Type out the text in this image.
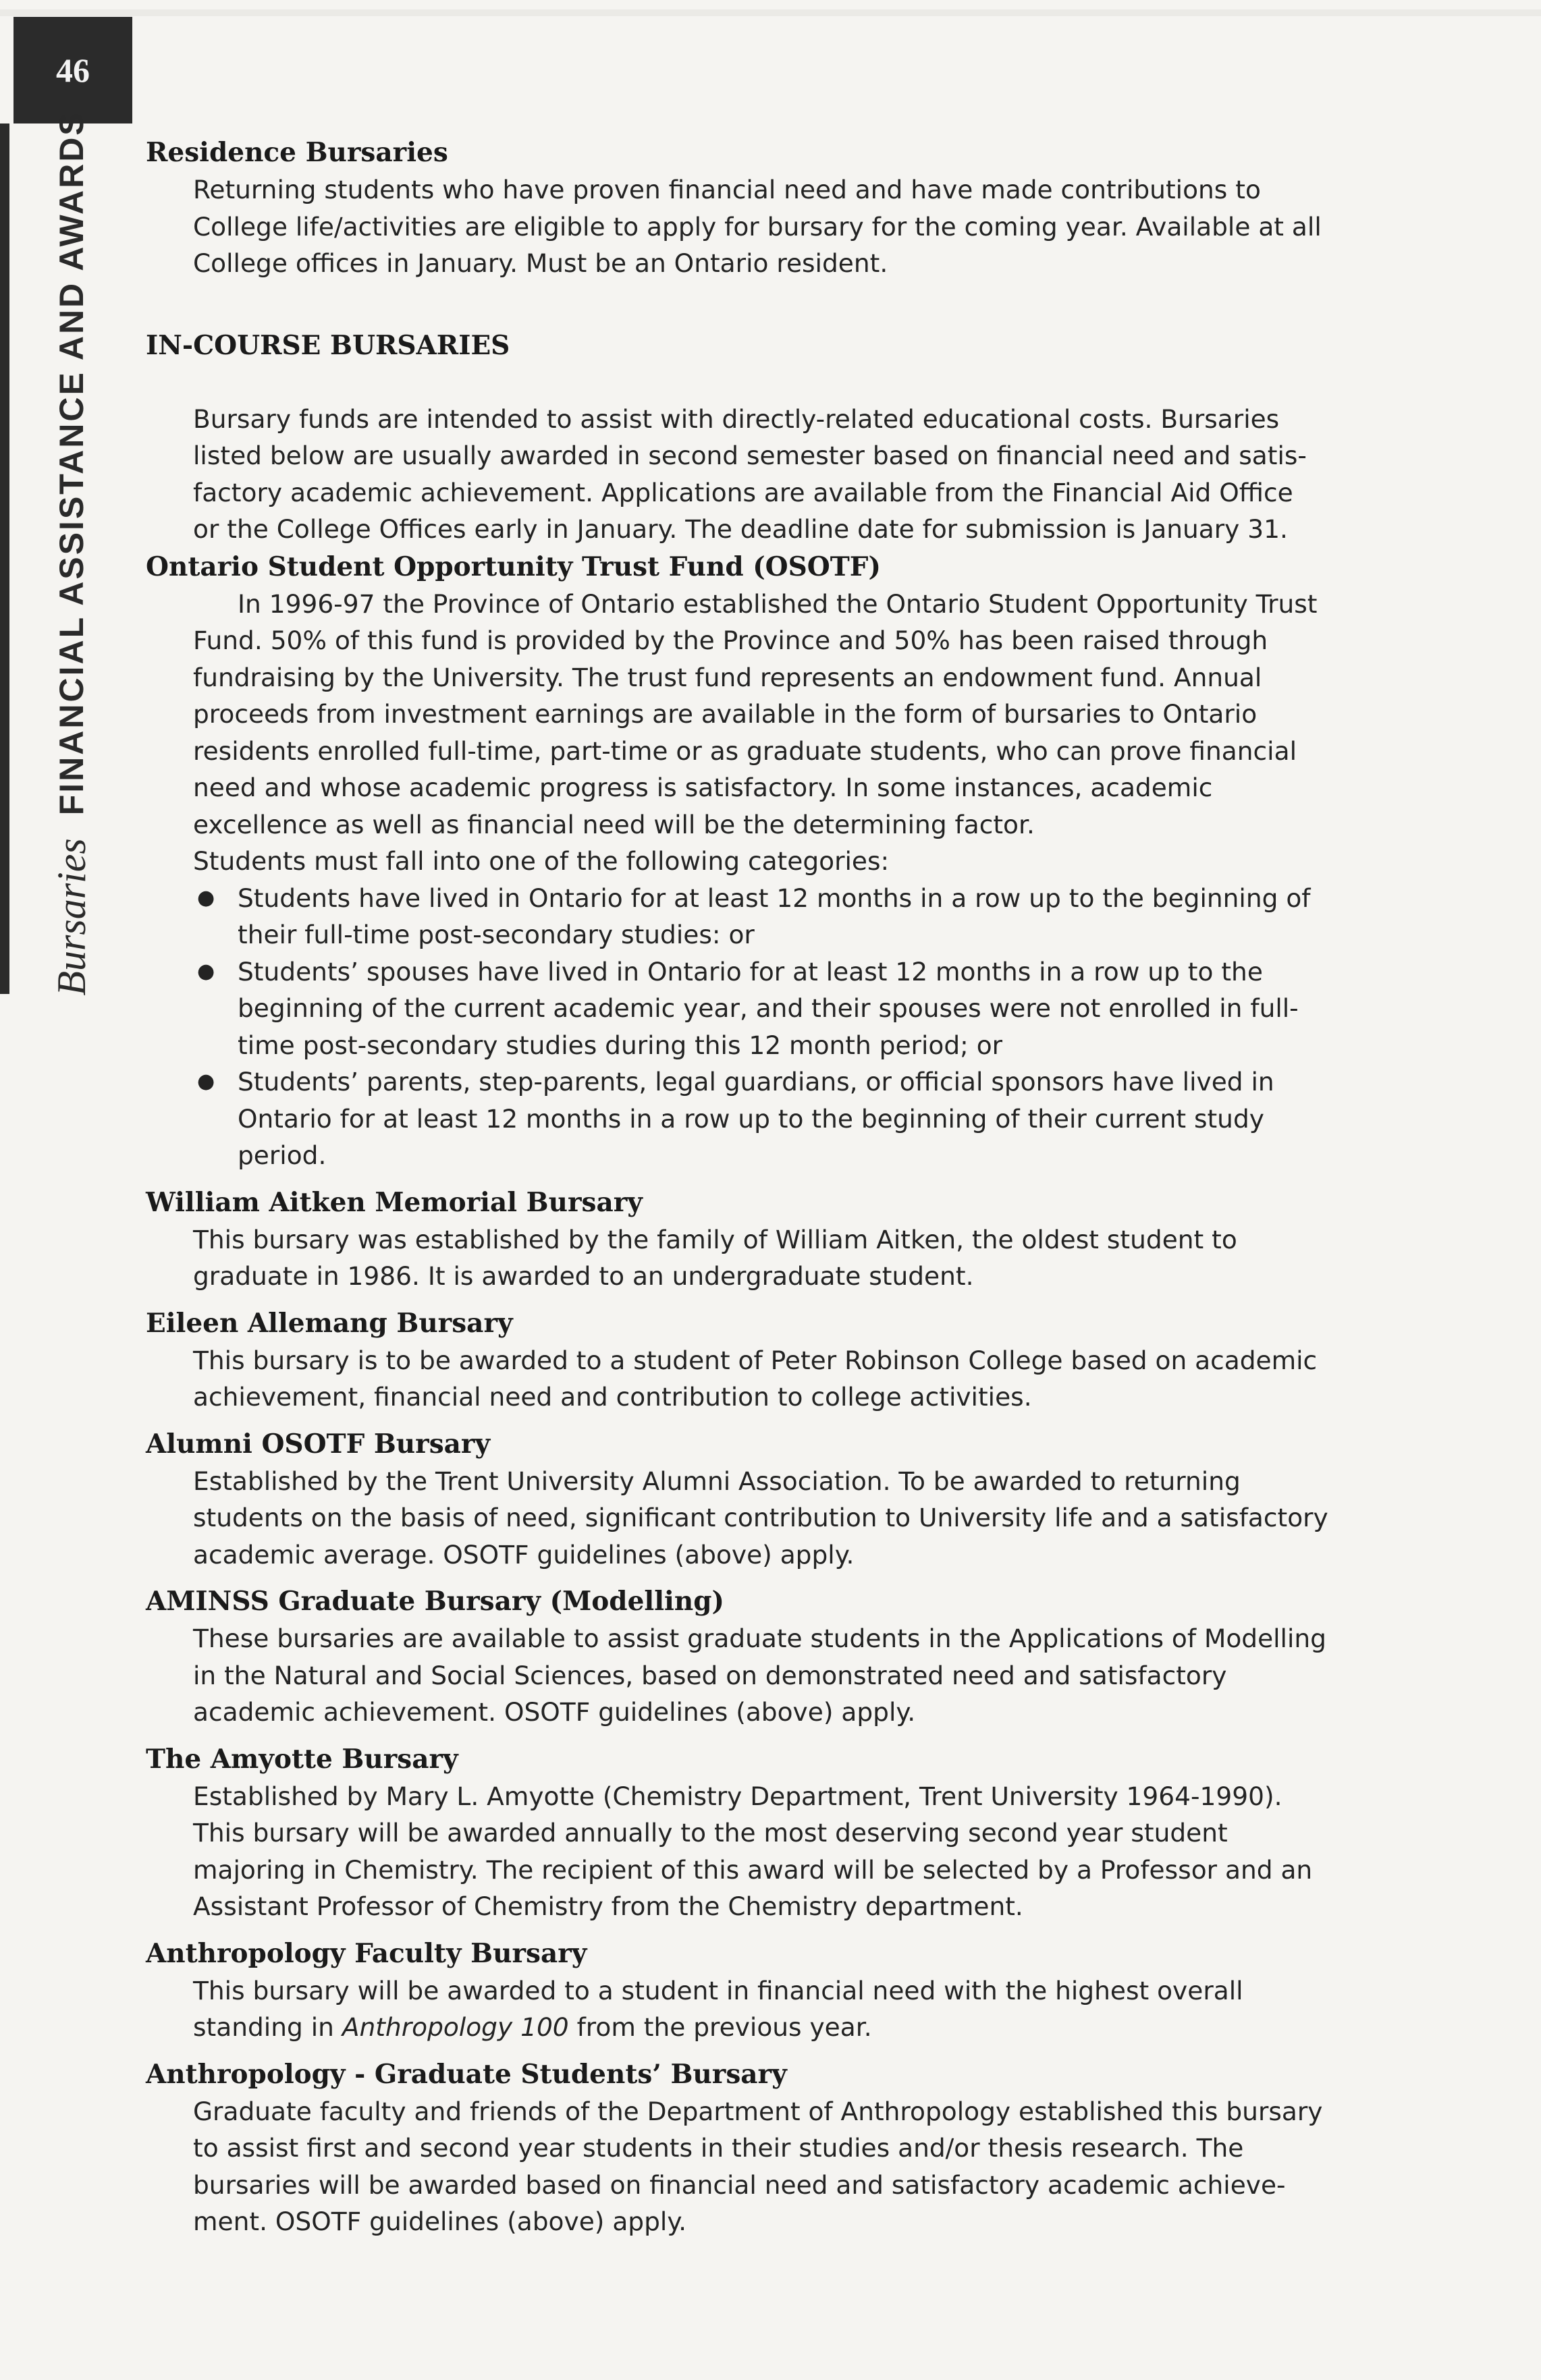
46
Bursaries
FINANCIAL ASSISTANCE AND AWARDS Residence Bursaries
Returning students who have proven financial need and have made contributions to
College life/activities are eligible to apply for bursary for the coming year. Available at all
College offices in January. Must be an Ontario resident.
IN-COURSE BURSARIES
Bursary funds are intended to assist with directly-related educational costs. Bursaries
listed below are usually awarded in second semester based on financial need and satis-
factory academic achievement. Applications are available from the Financial Aid Office
or the College Offices early in January. The deadline date for submission is January 31.
Ontario Student Opportunity Trust Fund (OSOTF)
In 1996-97 the Province of Ontario established the Ontario Student Opportunity Trust
Fund. 50% of this fund is provided by the Province and 50% has been raised through
fundraising by the University. The trust fund represents an endowment fund. Annual
proceeds from investment earnings are available in the form of bursaries to Ontario
residents enrolled full-time, part-time or as graduate students, who can prove financial
need and whose academic progress is satisfactory. In some instances, academic
excellence as well as financial need will be the determining factor.
Students must fall into one of the following categories:
● Students have lived in Ontario for at least 12 months in a row up to the beginning of
their full-time post-secondary studies: or
● Students’ spouses have lived in Ontario for at least 12 months in a row up to the
beginning of the current academic year, and their spouses were not enrolled in full-
time post-secondary studies during this 12 month period; or
● Students’ parents, step-parents, legal guardians, or official sponsors have lived in
Ontario for at least 12 months in a row up to the beginning of their current study
period.
William Aitken Memorial Bursary
This bursary was established by the family of William Aitken, the oldest student to
graduate in 1986. It is awarded to an undergraduate student.
Eileen Allemang Bursary
This bursary is to be awarded to a student of Peter Robinson College based on academic
achievement, financial need and contribution to college activities.
Alumni OSOTF Bursary
Established by the Trent University Alumni Association. To be awarded to returning
students on the basis of need, significant contribution to University life and a satisfactory
academic average. OSOTF guidelines (above) apply.
AMINSS Graduate Bursary (Modelling)
These bursaries are available to assist graduate students in the Applications of Modelling
in the Natural and Social Sciences, based on demonstrated need and satisfactory
academic achievement. OSOTF guidelines (above) apply.
The Amyotte Bursary
Established by Mary L. Amyotte (Chemistry Department, Trent University 1964-1990).
This bursary will be awarded annually to the most deserving second year student
majoring in Chemistry. The recipient of this award will be selected by a Professor and an
Assistant Professor of Chemistry from the Chemistry department.
Anthropology Faculty Bursary
This bursary will be awarded to a student in financial need with the highest overall
standing in Anthropology 100 from the previous year.
Anthropology - Graduate Students’ Bursary
Graduate faculty and friends of the Department of Anthropology established this bursary
to assist first and second year students in their studies and/or thesis research. The
bursaries will be awarded based on financial need and satisfactory academic achieve-
ment. OSOTF guidelines (above) apply.
